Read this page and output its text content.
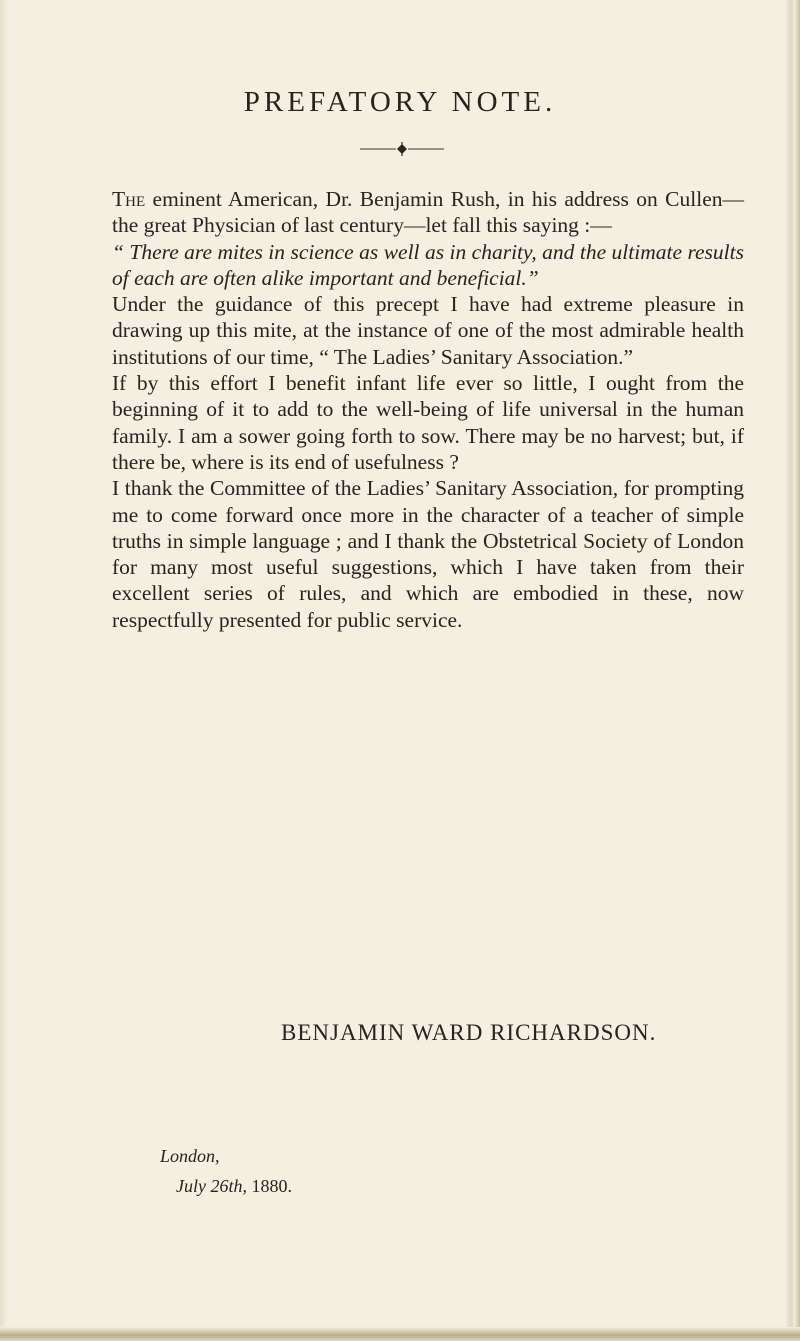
PREFATORY NOTE.

The eminent American, Dr. Benjamin Rush, in his address on Cullen—the great Physician of last century—let fall this saying :—

“ There are mites in science as well as in charity, and the ultimate results of each are often alike important and beneficial.”

Under the guidance of this precept I have had extreme pleasure in drawing up this mite, at the instance of one of the most admirable health institutions of our time, “ The Ladies’ Sanitary Association.”

If by this effort I benefit infant life ever so little, I ought from the beginning of it to add to the well-being of life universal in the human family. I am a sower going forth to sow. There may be no harvest; but, if there be, where is its end of usefulness ?

I thank the Committee of the Ladies’ Sanitary Association, for prompting me to come forward once more in the character of a teacher of simple truths in simple language ; and I thank the Obstetrical Society of London for many most useful suggestions, which I have taken from their excellent series of rules, and which are embodied in these, now respectfully presented for public service.

BENJAMIN WARD RICHARDSON.

London,

July 26th, 1880.
